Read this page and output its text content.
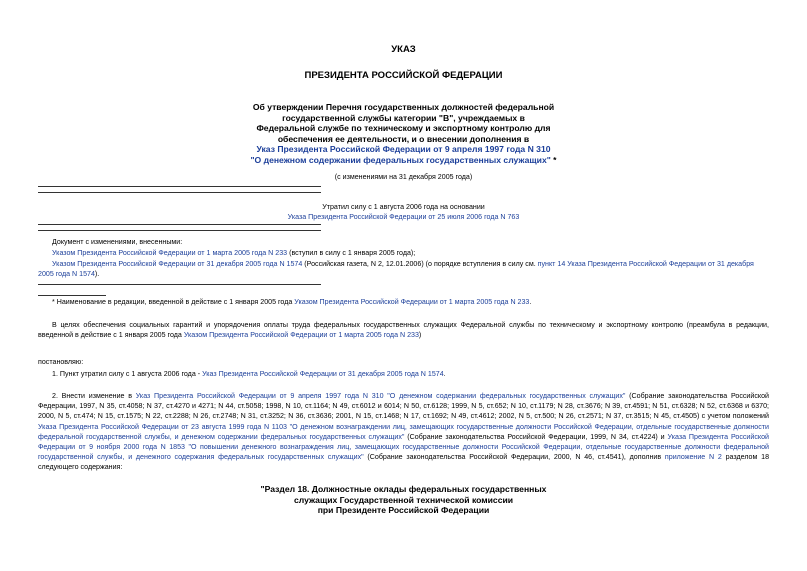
УКАЗ
ПРЕЗИДЕНТА РОССИЙСКОЙ ФЕДЕРАЦИИ
Об утверждении Перечня государственных должностей федеральной
государственной службы категории "В", учреждаемых в
Федеральной службе по техническому и экспортному контролю для
обеспечения ее деятельности, и о внесении дополнения в
Указ Президента Российской Федерации от 9 апреля 1997 года N 310
"О денежном содержании федеральных государственных служащих" *
(с изменениями на 31 декабря 2005 года)
Утратил силу с 1 августа 2006 года на основании
Указа Президента Российской Федерации от 25 июля 2006 года N 763
Документ с изменениями, внесенными:
Указом Президента Российской Федерации от 1 марта 2005 года N 233 (вступил в силу с 1 января 2005 года);
Указом Президента Российской Федерации от 31 декабря 2005 года N 1574 (Российская газета, N 2, 12.01.2006) (о порядке вступления в силу см. пункт 14 Указа Президента Российской Федерации от 31 декабря 2005 года N 1574).
* Наименование в редакции, введенной в действие с 1 января 2005 года Указом Президента Российской Федерации от 1 марта 2005 года N 233.
В целях обеспечения социальных гарантий и упорядочения оплаты труда федеральных государственных служащих Федеральной службы по техническому и экспортному контролю (преамбула в редакции, введенной в действие с 1 января 2005 года Указом Президента Российской Федерации от 1 марта 2005 года N 233)
постановляю:
1. Пункт утратил силу с 1 августа 2006 года - Указ Президента Российской Федерации от 31 декабря 2005 года N 1574.
2. Внести изменение в Указ Президента Российской Федерации от 9 апреля 1997 года N 310 "О денежном содержании федеральных государственных служащих" (Собрание законодательства Российской Федерации, 1997, N 35, ст.4058; N 37, ст.4270 и 4271; N 44, ст.5058; 1998, N 10, ст.1164; N 49, ст.6012 и 6014; N 50, ст.6128; 1999, N 5, ст.652; N 10, ст.1179; N 28, ст.3676; N 39, ст.4591; N 51, ст.6328; N 52, ст.6368 и 6370; 2000, N 5, ст.474; N 15, ст.1575; N 22, ст.2288; N 26, ст.2748; N 31, ст.3252; N 36, ст.3636; 2001, N 15, ст.1468; N 17, ст.1692; N 49, ст.4612; 2002, N 5, ст.500; N 26, ст.2571; N 37, ст.3515; N 45, ст.4505) с учетом положений Указа Президента Российской Федерации от 23 августа 1999 года N 1103 "О денежном вознаграждении лиц, замещающих государственные должности Российской Федерации, отдельные государственные должности федеральной государственной службы, и денежном содержании федеральных государственных служащих" (Собрание законодательства Российской Федерации, 1999, N 34, ст.4224) и Указа Президента Российской Федерации от 9 ноября 2000 года N 1853 "О повышении денежного вознаграждения лиц, замещающих государственные должности Российской Федерации, отдельные государственные должности федеральной государственной службы, и денежного содержания федеральных государственных служащих" (Собрание законодательства Российской Федерации, 2000, N 46, ст.4541), дополнив приложение N 2 разделом 18 следующего содержания:
"Раздел 18. Должностные оклады федеральных государственных
служащих Государственной технической комиссии
при Президенте Российской Федерации
